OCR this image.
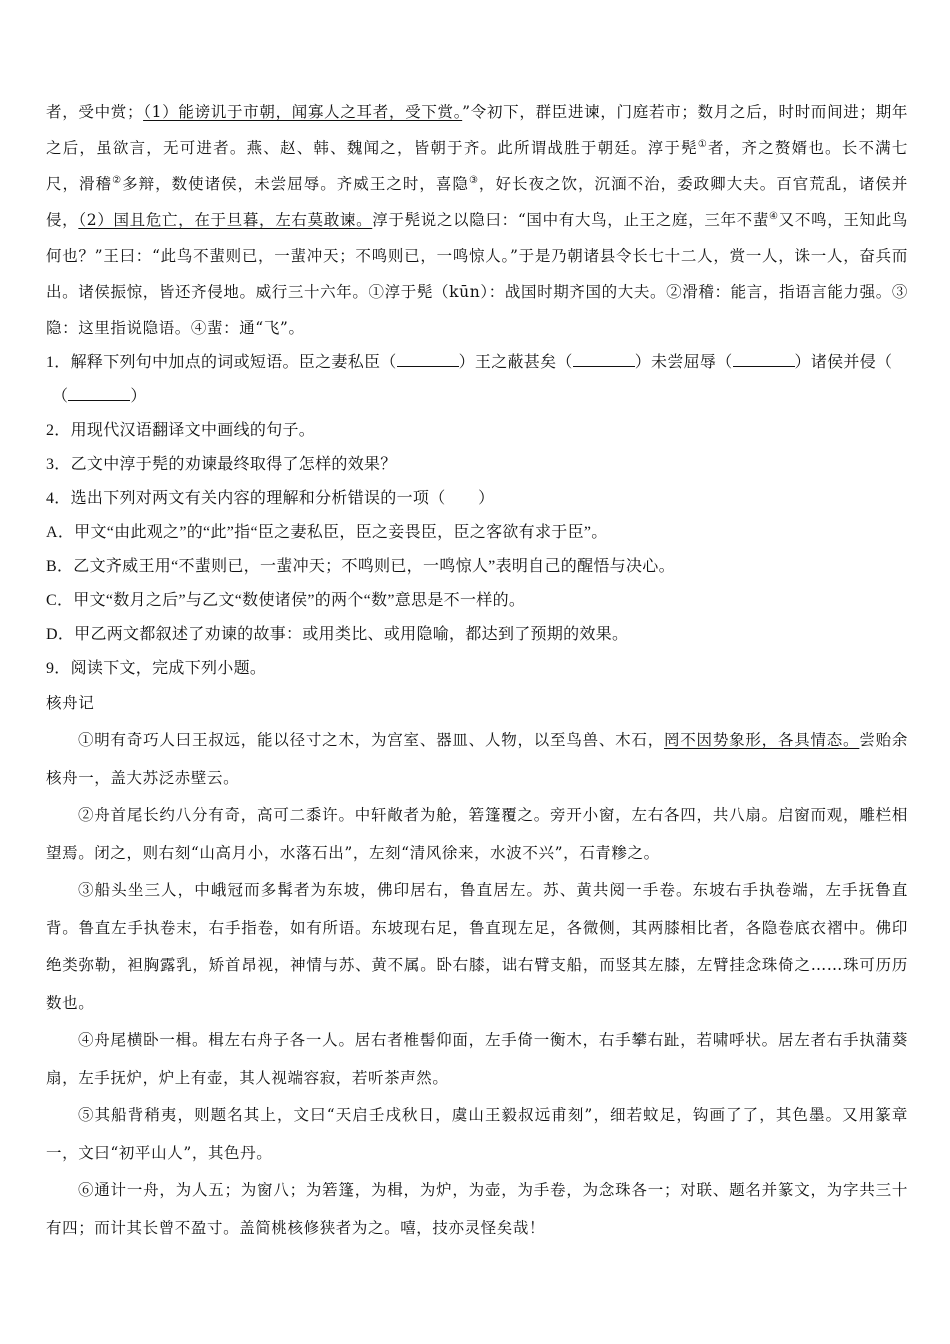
者，受中赏；（1）能谤讥于市朝，闻寡人之耳者，受下赏。”令初下，群臣进谏，门庭若市；数月之后，时时而间进；期年之后，虽欲言，无可进者。燕、赵、韩、魏闻之，皆朝于齐。此所谓战胜于朝廷。淳于髡①者，齐之赘婿也。长不满七尺，滑稽②多辩，数使诸侯，未尝屈辱。齐威王之时，喜隐③，好长夜之饮，沉湎不治，委政卿大夫。百官荒乱，诸侯并侵，（2）国且危亡，在于旦暮，左右莫敢谏。淳于髡说之以隐曰：“国中有大鸟，止王之庭，三年不蜚④又不鸣，王知此鸟何也？”王曰：“此鸟不蜚则已，一蜚冲天；不鸣则已，一鸣惊人。”于是乃朝诸县令长七十二人，赏一人，诛一人，奋兵而出。诸侯振惊，皆还齐侵地。威行三十六年。①淳于髡（kūn）：战国时期齐国的大夫。②滑稽：能言，指语言能力强。③隐：这里指说隐语。④蜚：通“飞”。

1．解释下列句中加点的词或短语。臣之妻私臣（	）王之蔽甚矣（	）未尝屈辱（	）诸侯并侵（
（	）

2．用现代汉语翻译文中画线的句子。

3．乙文中淳于髡的劝谏最终取得了怎样的效果？

4．选出下列对两文有关内容的理解和分析错误的一项（　　）

A．甲文“由此观之”的“此”指“臣之妻私臣，臣之妾畏臣，臣之客欲有求于臣”。

B．乙文齐威王用“不蜚则已，一蜚冲天；不鸣则已，一鸣惊人”表明自己的醒悟与决心。

C．甲文“数月之后”与乙文“数使诸侯”的两个“数”意思是不一样的。

D．甲乙两文都叙述了劝谏的故事：或用类比、或用隐喻，都达到了预期的效果。

9．阅读下文，完成下列小题。

核舟记

①明有奇巧人曰王叔远，能以径寸之木，为宫室、器皿、人物，以至鸟兽、木石，罔不因势象形，各具情态。尝贻余核舟一，盖大苏泛赤壁云。

②舟首尾长约八分有奇，高可二黍许。中轩敞者为舱，箬篷覆之。旁开小窗，左右各四，共八扇。启窗而观，雕栏相望焉。闭之，则右刻“山高月小，水落石出”，左刻“清风徐来，水波不兴”，石青糁之。

③船头坐三人，中峨冠而多髯者为东坡，佛印居右，鲁直居左。苏、黄共阅一手卷。东坡右手执卷端，左手抚鲁直背。鲁直左手执卷末，右手指卷，如有所语。东坡现右足，鲁直现左足，各微侧，其两膝相比者，各隐卷底衣褶中。佛印绝类弥勒，袒胸露乳，矫首昂视，神情与苏、黄不属。卧右膝，诎右臂支船，而竖其左膝，左臂挂念珠倚之……珠可历历数也。

④舟尾横卧一楫。楫左右舟子各一人。居右者椎髻仰面，左手倚一衡木，右手攀右趾，若啸呼状。居左者右手执蒲葵扇，左手抚炉，炉上有壶，其人视端容寂，若听茶声然。

⑤其船背稍夷，则题名其上，文曰“天启壬戌秋日，虞山王毅叔远甫刻”，细若蚊足，钩画了了，其色墨。又用篆章一，文曰“初平山人”，其色丹。

⑥通计一舟，为人五；为窗八；为箬篷，为楫，为炉，为壶，为手卷，为念珠各一；对联、题名并篆文，为字共三十有四；而计其长曾不盈寸。盖简桃核修狭者为之。嘻，技亦灵怪矣哉！
